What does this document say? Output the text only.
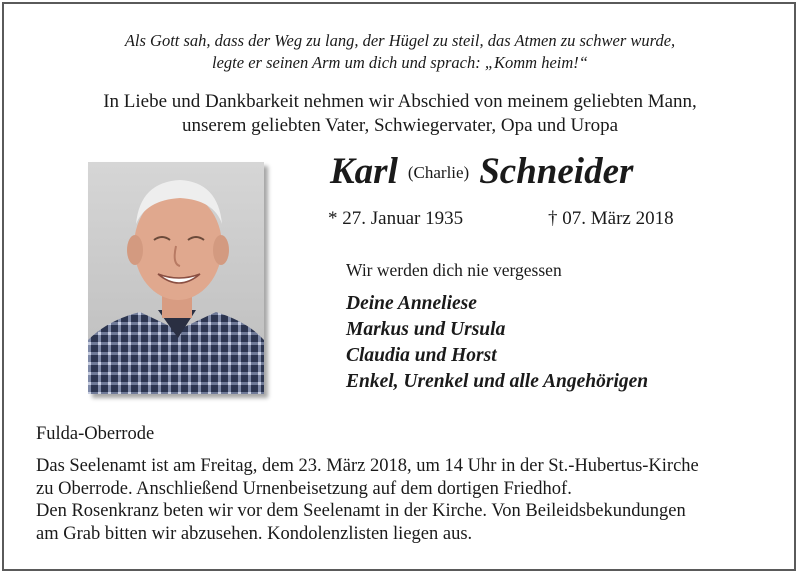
Als Gott sah, dass der Weg zu lang, der Hügel zu steil, das Atmen zu schwer wurde,
legte er seinen Arm um dich und sprach: „Komm heim!“
In Liebe und Dankbarkeit nehmen wir Abschied von meinem geliebten Mann,
unserem geliebten Vater, Schwiegervater, Opa und Uropa
Karl (Charlie) Schneider
* 27. Januar 1935	† 07. März 2018
Wir werden dich nie vergessen
Deine Anneliese
Markus und Ursula
Claudia und Horst
Enkel, Urenkel und alle Angehörigen
Fulda-Oberrode
Das Seelenamt ist am Freitag, dem 23. März 2018, um 14 Uhr in der St.-Hubertus-Kirche
zu Oberrode. Anschließend Urnenbeisetzung auf dem dortigen Friedhof.
Den Rosenkranz beten wir vor dem Seelenamt in der Kirche. Von Beileidsbekundungen
am Grab bitten wir abzusehen. Kondolenzlisten liegen aus.
